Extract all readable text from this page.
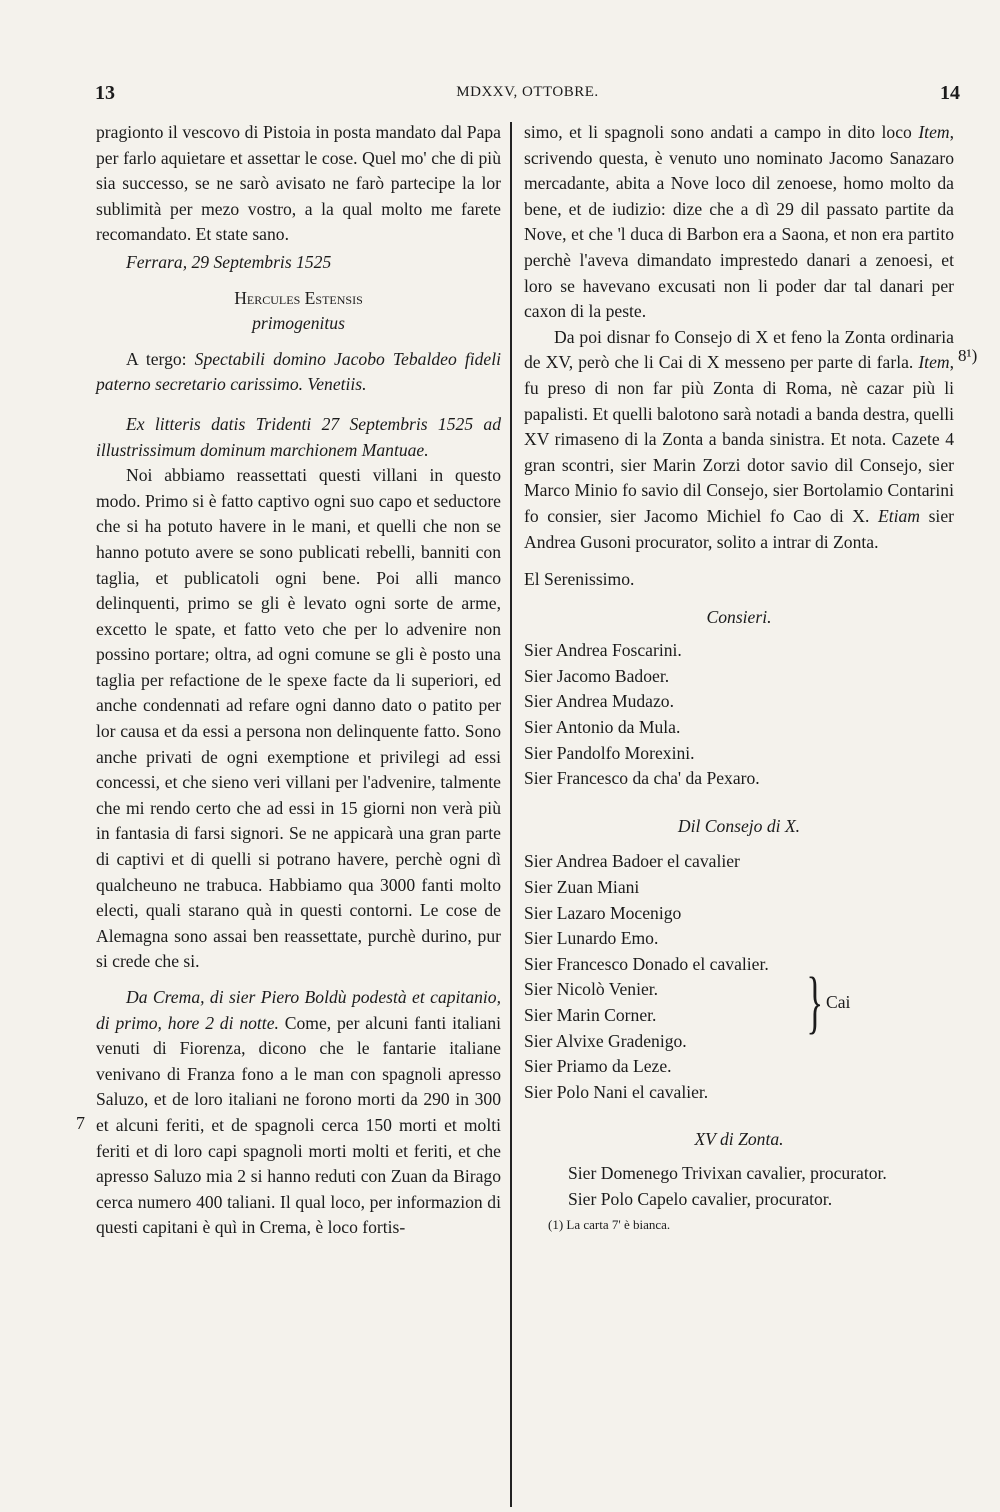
13	MDXXV, OTTOBRE.	14

pragionto il vescovo di Pistoia in posta mandato dal Papa per farlo aquietare et assettar le cose. Quel mo' che di più sia successo, se ne sarò avisato ne farò partecipe la lor sublimità per mezo vostro, a la qual molto me farete recomandato. Et state sano.

Ferrara, 29 Septembris 1525

Hercules Estensis

primogenitus

A tergo: Spectabili domino Jacobo Tebaldeo fideli paterno secretario carissimo. Venetiis.

Ex litteris datis Tridenti 27 Septembris 1525 ad illustrissimum dominum marchionem Mantuae.

Noi abbiamo reassettati questi villani in questo modo. Primo si è fatto captivo ogni suo capo et seductore che si ha potuto havere in le mani, et quelli che non se hanno potuto avere se sono publicati rebelli, banniti con taglia, et publicatoli ogni bene. Poi alli manco delinquenti, primo se gli è levato ogni sorte de arme, excetto le spate, et fatto veto che per lo advenire non possino portare; oltra, ad ogni comune se gli è posto una taglia per refactione de le spexe facte da li superiori, ed anche condennati ad refare ogni danno dato o patito per lor causa et da essi a persona non delinquente fatto. Sono anche privati de ogni exemptione et privilegi ad essi concessi, et che sieno veri villani per l'advenire, talmente che mi rendo certo che ad essi in 15 giorni non verà più in fantasia di farsi signori. Se ne appicarà una gran parte di captivi et di quelli si potrano havere, perchè ogni dì qualcheuno ne trabuca. Habbiamo qua 3000 fanti molto electi, quali starano quà in questi contorni. Le cose de Alemagna sono assai ben reassettate, purchè durino, pur si crede che si.

Da Crema, di sier Piero Boldù podestà et capitanio, di primo, hore 2 di notte. Come, per alcuni fanti italiani venuti di Fiorenza, dicono che le fantarie italiane venivano di Franza fono a le man con spagnoli apresso Saluzo, et de loro italiani ne forono morti da 290 in 300 et alcuni feriti, et de spagnoli cerca 150 morti et molti feriti et di loro capi spagnoli morti molti et feriti, et che apresso Saluzo mia 2 si hanno reduti con Zuan da Birago cerca numero 400 taliani. Il qual loco, per informazion di questi capitani è quì in Crema, è loco fortis-

7

simo, et li spagnoli sono andati a campo in dito loco Item, scrivendo questa, è venuto uno nominato Jacomo Sanazaro mercadante, abita a Nove loco dil zenoese, homo molto da bene, et de iudizio: dize che a dì 29 dil passato partite da Nove, et che 'l duca di Barbon era a Saona, et non era partito perchè l'aveva dimandato imprestedo danari a zenoesi, et loro se havevano excusati non li poder dar tal danari per caxon di la peste.

Da poi disnar fo Consejo di X et feno la Zonta ordinaria de XV, però che li Cai di X messeno per parte di farla. Item, fu preso di non far più Zonta di Roma, nè cazar più li papalisti. Et quelli balotono sarà notadi a banda destra, quelli XV rimaseno di la Zonta a banda sinistra. Et nota. Cazete 4 gran scontri, sier Marin Zorzi dotor savio dil Consejo, sier Marco Minio fo savio dil Consejo, sier Bortolamio Contarini fo consier, sier Jacomo Michiel fo Cao di X. Etiam sier Andrea Gusoni procurator, solito a intrar di Zonta.

El Serenissimo.

Consieri.

Sier Andrea Foscarini.

Sier Jacomo Badoer.

Sier Andrea Mudazo.

Sier Antonio da Mula.

Sier Pandolfo Morexini.

Sier Francesco da cha' da Pexaro.

Dil Consejo di X.

Sier Andrea Badoer el cavalier

Sier Zuan Miani

Sier Lazaro Mocenigo

Sier Lunardo Emo.

Sier Francesco Donado el cavalier.

Sier Nicolò Venier.

Sier Marin Corner.

Sier Alvixe Gradenigo.

Sier Priamo da Leze.

Sier Polo Nani el cavalier.

XV di Zonta.

Sier Domenego Trivixan cavalier, procurator.

Sier Polo Capelo cavalier, procurator.

(1) La carta 7' è bianca.

8¹)
} Cai
